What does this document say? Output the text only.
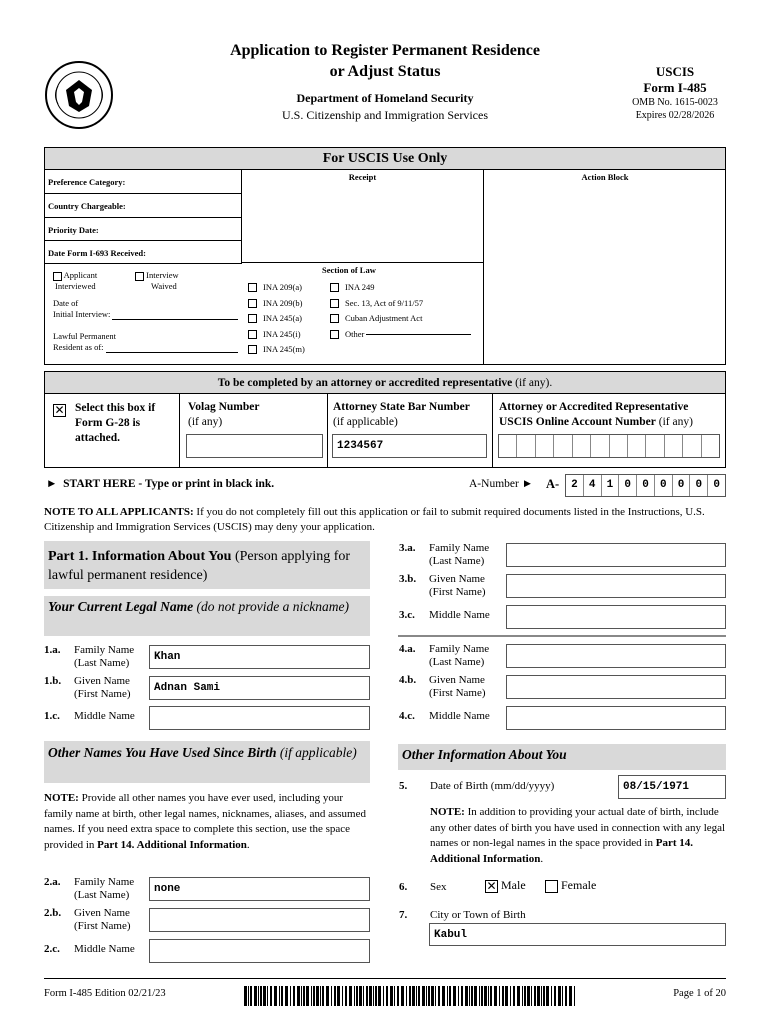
Application to Register Permanent Residence
or Adjust Status
Department of Homeland Security
U.S. Citizenship and Immigration Services
USCIS
Form I-485
OMB No. 1615-0023
Expires 02/28/2026
For USCIS Use Only
Preference Category:
Country Chargeable:
Priority Date:
Date Form I-693 Received:
Applicant
Interviewed
Interview
Waived
Date of
Initial Interview:
Lawful Permanent
Resident as of:
Receipt
Section of Law
INA 209(a)
INA 209(b)
INA 245(a)
INA 245(i)
INA 245(m)
INA 249
Sec. 13, Act of 9/11/57
Cuban Adjustment Act
Other
Action Block
To be completed by an attorney or accredited representative (if any).
✕ Select this box if
Form G-28 is
attached.
Volag Number
(if any)
Attorney State Bar Number
(if applicable)
1234567
Attorney or Accredited Representative
USCIS Online Account Number (if any)
► START HERE - Type or print in black ink.	A-Number ► A-	2	4	1	0	0	0	0	0	0
NOTE TO ALL APPLICANTS: If you do not completely fill out this application or fail to submit required documents listed in the Instructions, U.S. Citizenship and Immigration Services (USCIS) may deny your application.
Part 1. Information About You (Person applying for lawful permanent residence)
Your Current Legal Name (do not provide a nickname)
1.a. Family Name
(Last Name)	Khan
1.b. Given Name
(First Name)	Adnan Sami
1.c. Middle Name
Other Names You Have Used Since Birth (if applicable)
NOTE: Provide all other names you have ever used, including your family name at birth, other legal names, nicknames, aliases, and assumed names. If you need extra space to complete this section, use the space provided in Part 14. Additional Information.
2.a. Family Name
(Last Name)	none
2.b. Given Name
(First Name)
2.c. Middle Name
3.a. Family Name
(Last Name)
3.b. Given Name
(First Name)
3.c. Middle Name
4.a. Family Name
(Last Name)
4.b. Given Name
(First Name)
4.c. Middle Name
Other Information About You
5. Date of Birth (mm/dd/yyyy)	08/15/1971
NOTE: In addition to providing your actual date of birth, include any other dates of birth you have used in connection with any legal names or non-legal names in the space provided in Part 14. Additional Information.
6. Sex	✕ Male	Female
7. City or Town of Birth
Kabul
Form I-485 Edition 02/21/23	Page 1 of 20
